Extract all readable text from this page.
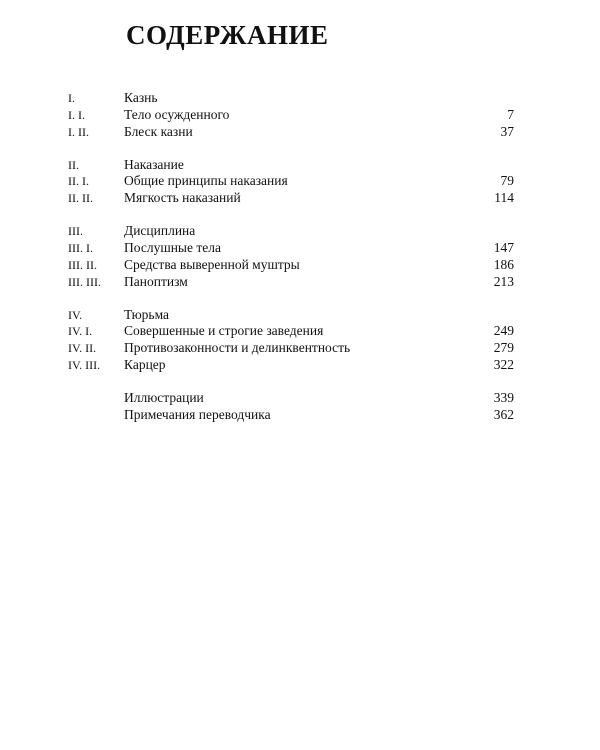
СОДЕРЖАНИЕ
I.	Казнь
I. I.	Тело осужденного	7
I. II.	Блеск казни	37
II.	Наказание
II. I.	Общие принципы наказания	79
II. II.	Мягкость наказаний	114
III.	Дисциплина
III. I.	Послушные тела	147
III. II.	Средства выверенной муштры	186
III. III.	Паноптизм	213
IV.	Тюрьма
IV. I.	Совершенные и строгие заведения	249
IV. II.	Противозаконности и делинквентность	279
IV. III.	Карцер	322
Иллюстрации	339
Примечания переводчика	362
